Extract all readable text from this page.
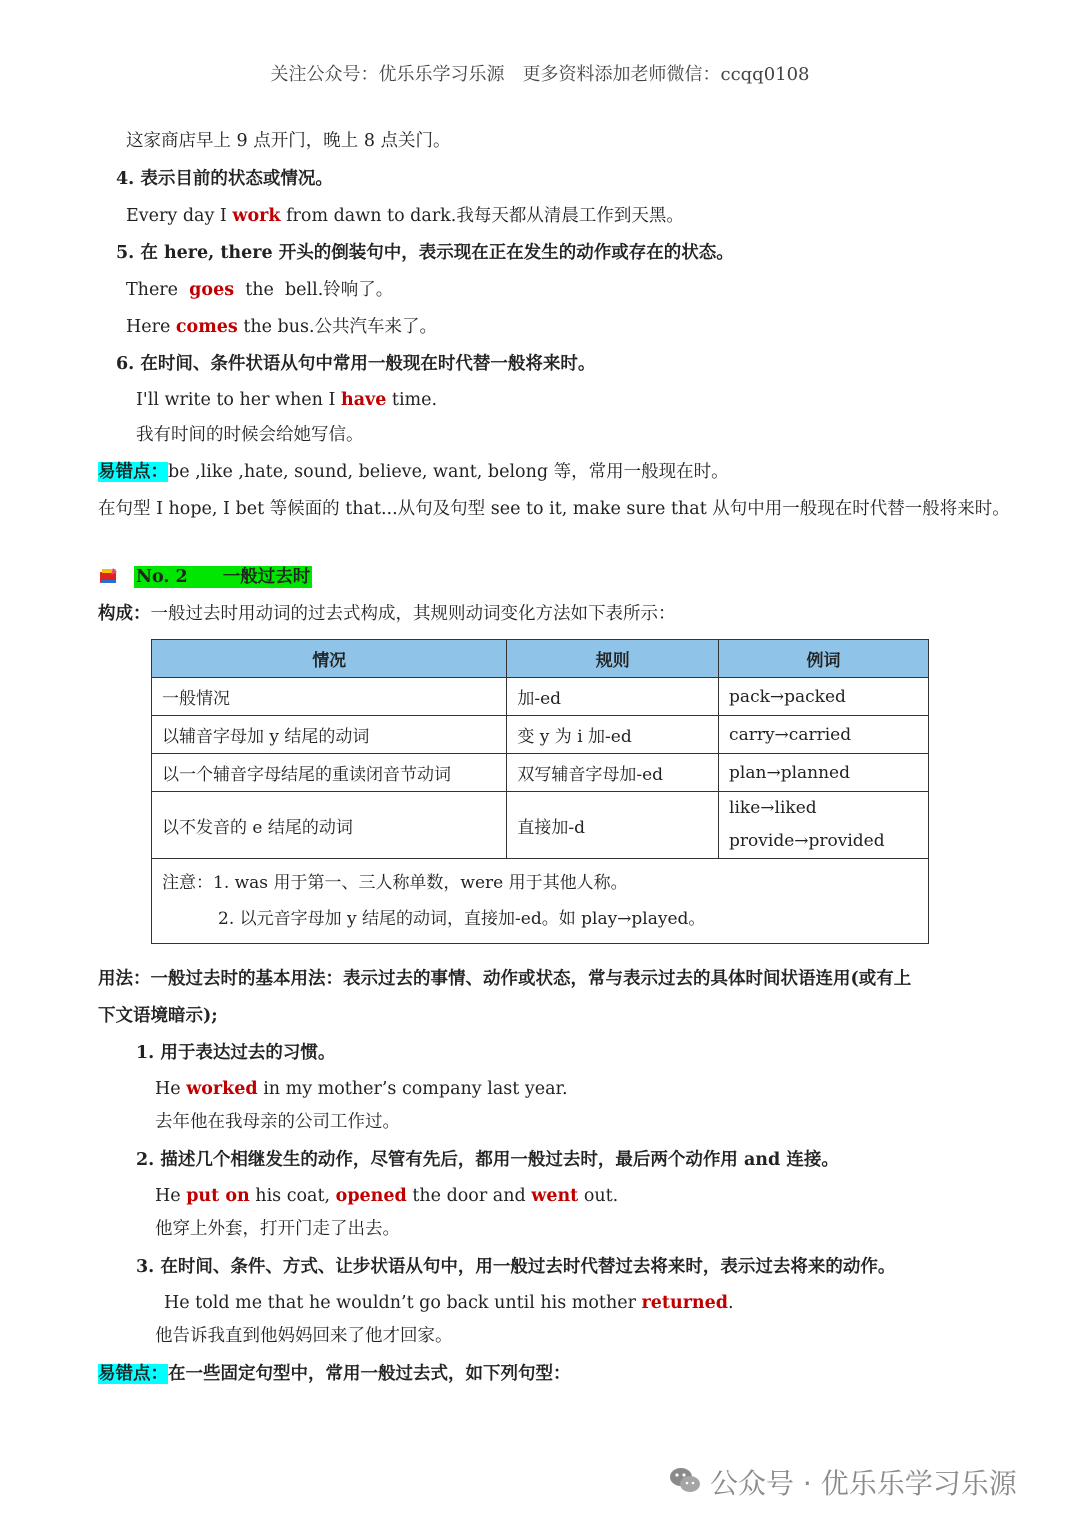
关注公众号：优乐乐学习乐源　更多资料添加老师微信：ccqq0108
这家商店早上 9 点开门，晚上 8 点关门。
4. 表示目前的状态或情况。
Every day I work from dawn to dark.我每天都从清晨工作到天黑。
5. 在 here, there 开头的倒装句中，表示现在正在发生的动作或存在的状态。
There  goes  the  bell.铃响了。
Here comes the bus.公共汽车来了。
6. 在时间、条件状语从句中常用一般现在时代替一般将来时。
I'll write to her when I have time.
我有时间的时候会给她写信。
易错点：be ,like ,hate, sound, believe, want, belong 等，常用一般现在时。
在句型 I hope, I bet 等候面的 that...从句及句型 see to it, make sure that 从句中用一般现在时代替一般将来时。
No. 2　　一般过去时
构成：一般过去时用动词的过去式构成，其规则动词变化方法如下表所示：
情况	规则	例词
一般情况	加-ed	pack→packed
以辅音字母加 y 结尾的动词	变 y 为 i 加-ed	carry→carried
以一个辅音字母结尾的重读闭音节动词	双写辅音字母加-ed	plan→planned
以不发音的 e 结尾的动词	直接加-d	like→liked
provide→provided

注意：1. was 用于第一、三人称单数，were 用于其他人称。
2. 以元音字母加 y 结尾的动词，直接加-ed。如 play→played。		
用法：一般过去时的基本用法：表示过去的事情、动作或状态，常与表示过去的具体时间状语连用(或有上
下文语境暗示);
1. 用于表达过去的习惯。
He worked in my mother’s company last year.
去年他在我母亲的公司工作过。
2. 描述几个相继发生的动作，尽管有先后，都用一般过去时，最后两个动作用 and 连接。
He put on his coat, opened the door and went out.
他穿上外套，打开门走了出去。
3. 在时间、条件、方式、让步状语从句中，用一般过去时代替过去将来时，表示过去将来的动作。
He told me that he wouldn’t go back until his mother returned.
他告诉我直到他妈妈回来了他才回家。
易错点：在一些固定句型中，常用一般过去式，如下列句型：
公众号 · 优乐乐学习乐源
